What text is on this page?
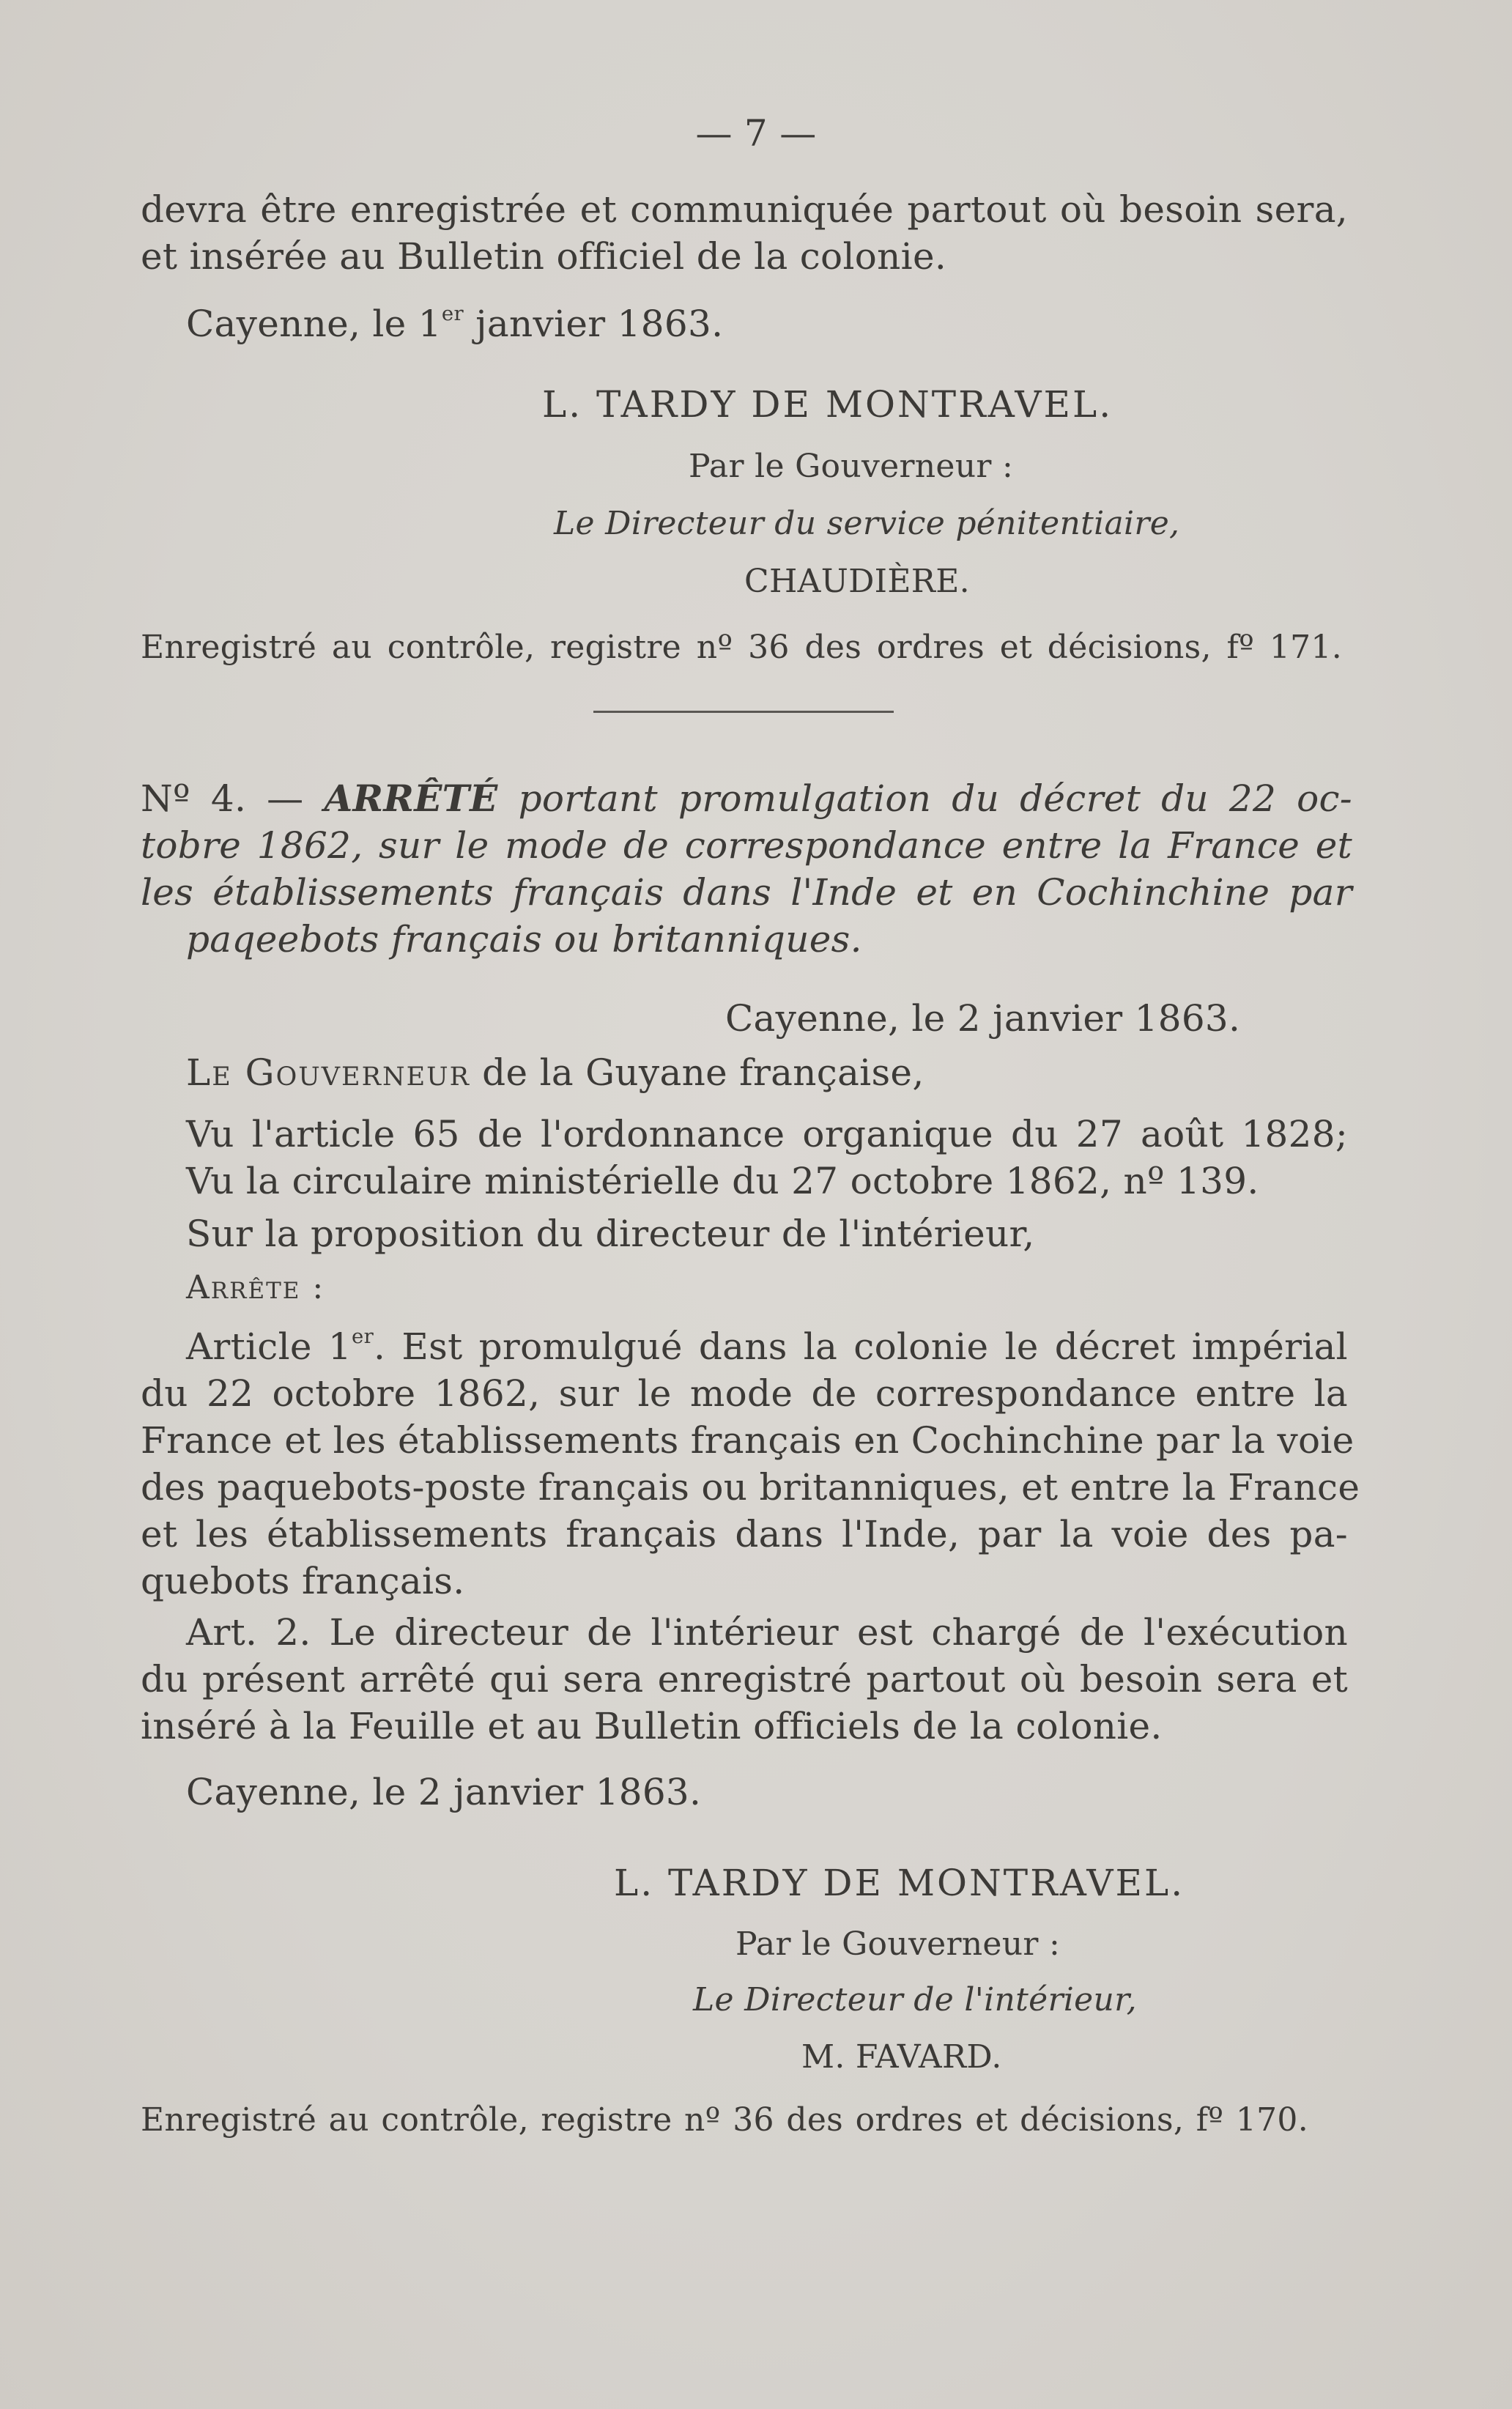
— 7 —
devra être enregistrée et communiquée partout où besoin sera,
et insérée au Bulletin officiel de la colonie.
Cayenne, le 1er janvier 1863.
L. TARDY DE MONTRAVEL.
Par le Gouverneur :
Le Directeur du service pénitentiaire,
CHAUDIÈRE.
Enregistré au contrôle, registre nº 36 des ordres et décisions, fº 171.
Nº 4. — ARRÊTÉ portant promulgation du décret du 22 oc-
tobre 1862, sur le mode de correspondance entre la France et
les établissements français dans l'Inde et en Cochinchine par
paqeebots français ou britanniques.
Cayenne, le 2 janvier 1863.
Le Gouverneur de la Guyane française,
Vu l'article 65 de l'ordonnance organique du 27 août 1828;
Vu la circulaire ministérielle du 27 octobre 1862, nº 139.
Sur la proposition du directeur de l'intérieur,
Arrête :
Article 1er. Est promulgué dans la colonie le décret impérial
du 22 octobre 1862, sur le mode de correspondance entre la
France et les établissements français en Cochinchine par la voie
des paquebots-poste français ou britanniques, et entre la France
et les établissements français dans l'Inde, par la voie des pa-
quebots français.
Art. 2. Le directeur de l'intérieur est chargé de l'exécution
du présent arrêté qui sera enregistré partout où besoin sera et
inséré à la Feuille et au Bulletin officiels de la colonie.
Cayenne, le 2 janvier 1863.
L. TARDY DE MONTRAVEL.
Par le Gouverneur :
Le Directeur de l'intérieur,
M. FAVARD.
Enregistré au contrôle, registre nº 36 des ordres et décisions, fº 170.
